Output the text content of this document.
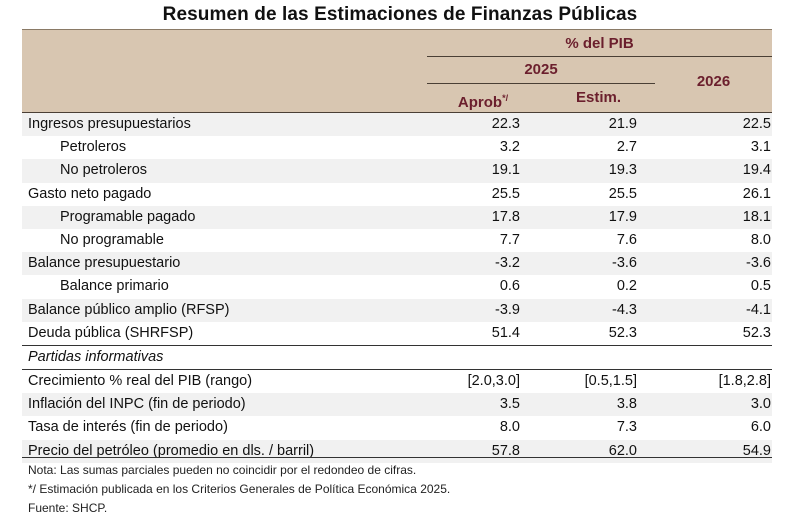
Resumen de las Estimaciones de Finanzas Públicas
% del PIB
2025
Aprob*/	Estim.
2026
Ingresos presupuestarios	22.3	21.9	22.5
Petroleros	3.2	2.7	3.1
No petroleros	19.1	19.3	19.4
Gasto neto pagado	25.5	25.5	26.1
Programable pagado	17.8	17.9	18.1
No programable	7.7	7.6	8.0
Balance presupuestario	-3.2	-3.6	-3.6
Balance primario	0.6	0.2	0.5
Balance público amplio (RFSP)	-3.9	-4.3	-4.1
Deuda pública (SHRFSP)	51.4	52.3	52.3
Partidas informativas
Crecimiento % real del PIB (rango)	[2.0,3.0]	[0.5,1.5]	[1.8,2.8]
Inflación del INPC (fin de periodo)	3.5	3.8	3.0
Tasa de interés (fin de periodo)	8.0	7.3	6.0
Precio del petróleo (promedio en dls. / barril)	57.8	62.0	54.9
Nota: Las sumas parciales pueden no coincidir por el redondeo de cifras.
*/ Estimación publicada en los Criterios Generales de Política Económica 2025.
Fuente: SHCP.
